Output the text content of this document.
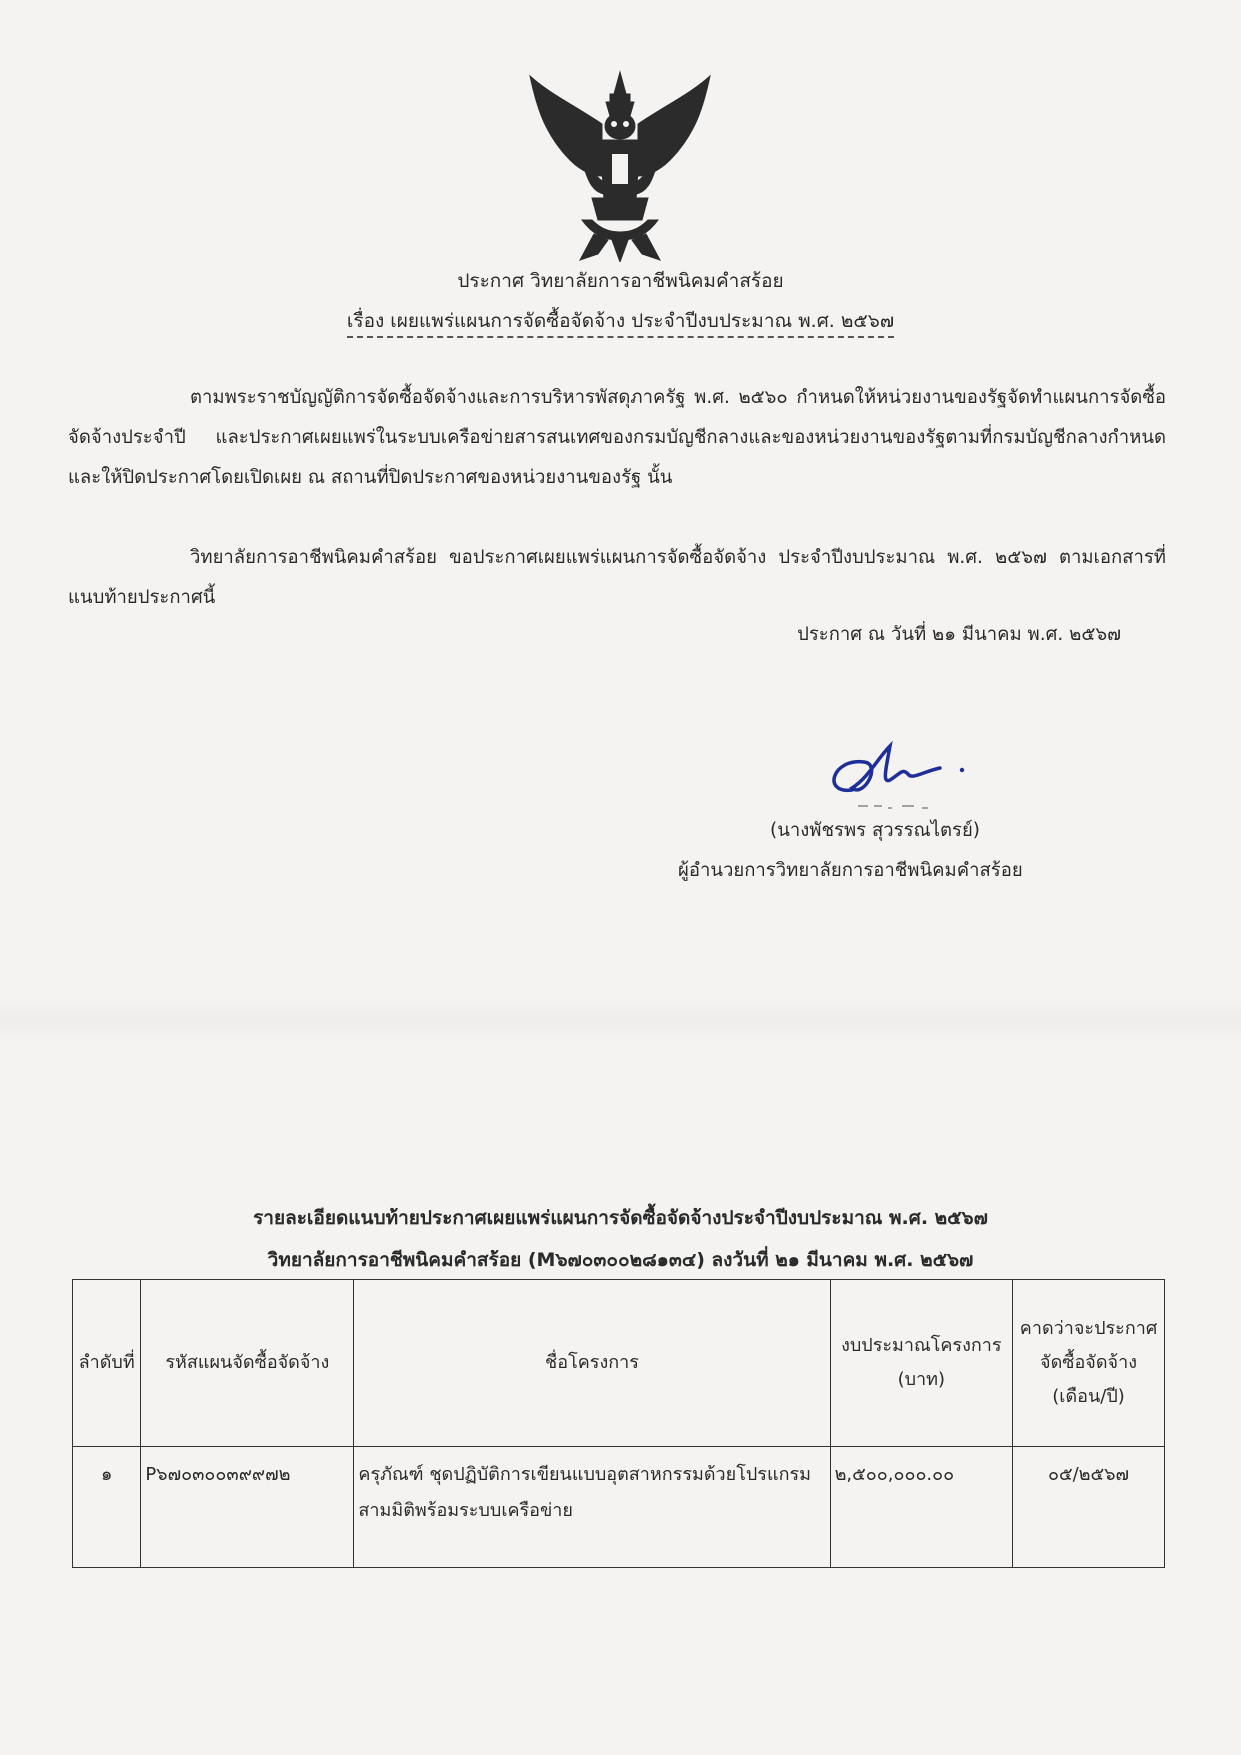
ประกาศ วิทยาลัยการอาชีพนิคมคำสร้อย
เรื่อง เผยแพร่แผนการจัดซื้อจัดจ้าง ประจำปีงบประมาณ พ.ศ. ๒๕๖๗

ตามพระราชบัญญัติการจัดซื้อจัดจ้างและการบริหารพัสดุภาครัฐ พ.ศ. ๒๕๖๐ กำหนดให้หน่วยงานของรัฐจัดทำแผนการจัดซื้อจัดจ้างประจำปี และประกาศเผยแพร่ในระบบเครือข่ายสารสนเทศของกรมบัญชีกลางและของหน่วยงานของรัฐตามที่กรมบัญชีกลางกำหนด และให้ปิดประกาศโดยเปิดเผย ณ สถานที่ปิดประกาศของหน่วยงานของรัฐ นั้น

วิทยาลัยการอาชีพนิคมคำสร้อย ขอประกาศเผยแพร่แผนการจัดซื้อจัดจ้าง ประจำปีงบประมาณ พ.ศ. ๒๕๖๗ ตามเอกสารที่แนบท้ายประกาศนี้

ประกาศ ณ วันที่ ๒๑ มีนาคม พ.ศ. ๒๕๖๗
(นางพัชรพร สุวรรณไตรย์)
ผู้อำนวยการวิทยาลัยการอาชีพนิคมคำสร้อย
รายละเอียดแนบท้ายประกาศเผยแพร่แผนการจัดซื้อจัดจ้างประจำปีงบประมาณ พ.ศ. ๒๕๖๗
วิทยาลัยการอาชีพนิคมคำสร้อย (M๖๗๐๓๐๐๒๘๑๓๔) ลงวันที่ ๒๑ มีนาคม พ.ศ. ๒๕๖๗
ลำดับที่	รหัสแผนจัดซื้อจัดจ้าง	ชื่อโครงการ	งบประมาณโครงการ (บาท)	คาดว่าจะประกาศจัดซื้อจัดจ้าง (เดือน/ปี)
๑	P๖๗๐๓๐๐๓๙๙๗๒	ครุภัณฑ์ ชุดปฏิบัติการเขียนแบบอุตสาหกรรมด้วยโปรแกรมสามมิติพร้อมระบบเครือข่าย	๒,๕๐๐,๐๐๐.๐๐	๐๕/๒๕๖๗
